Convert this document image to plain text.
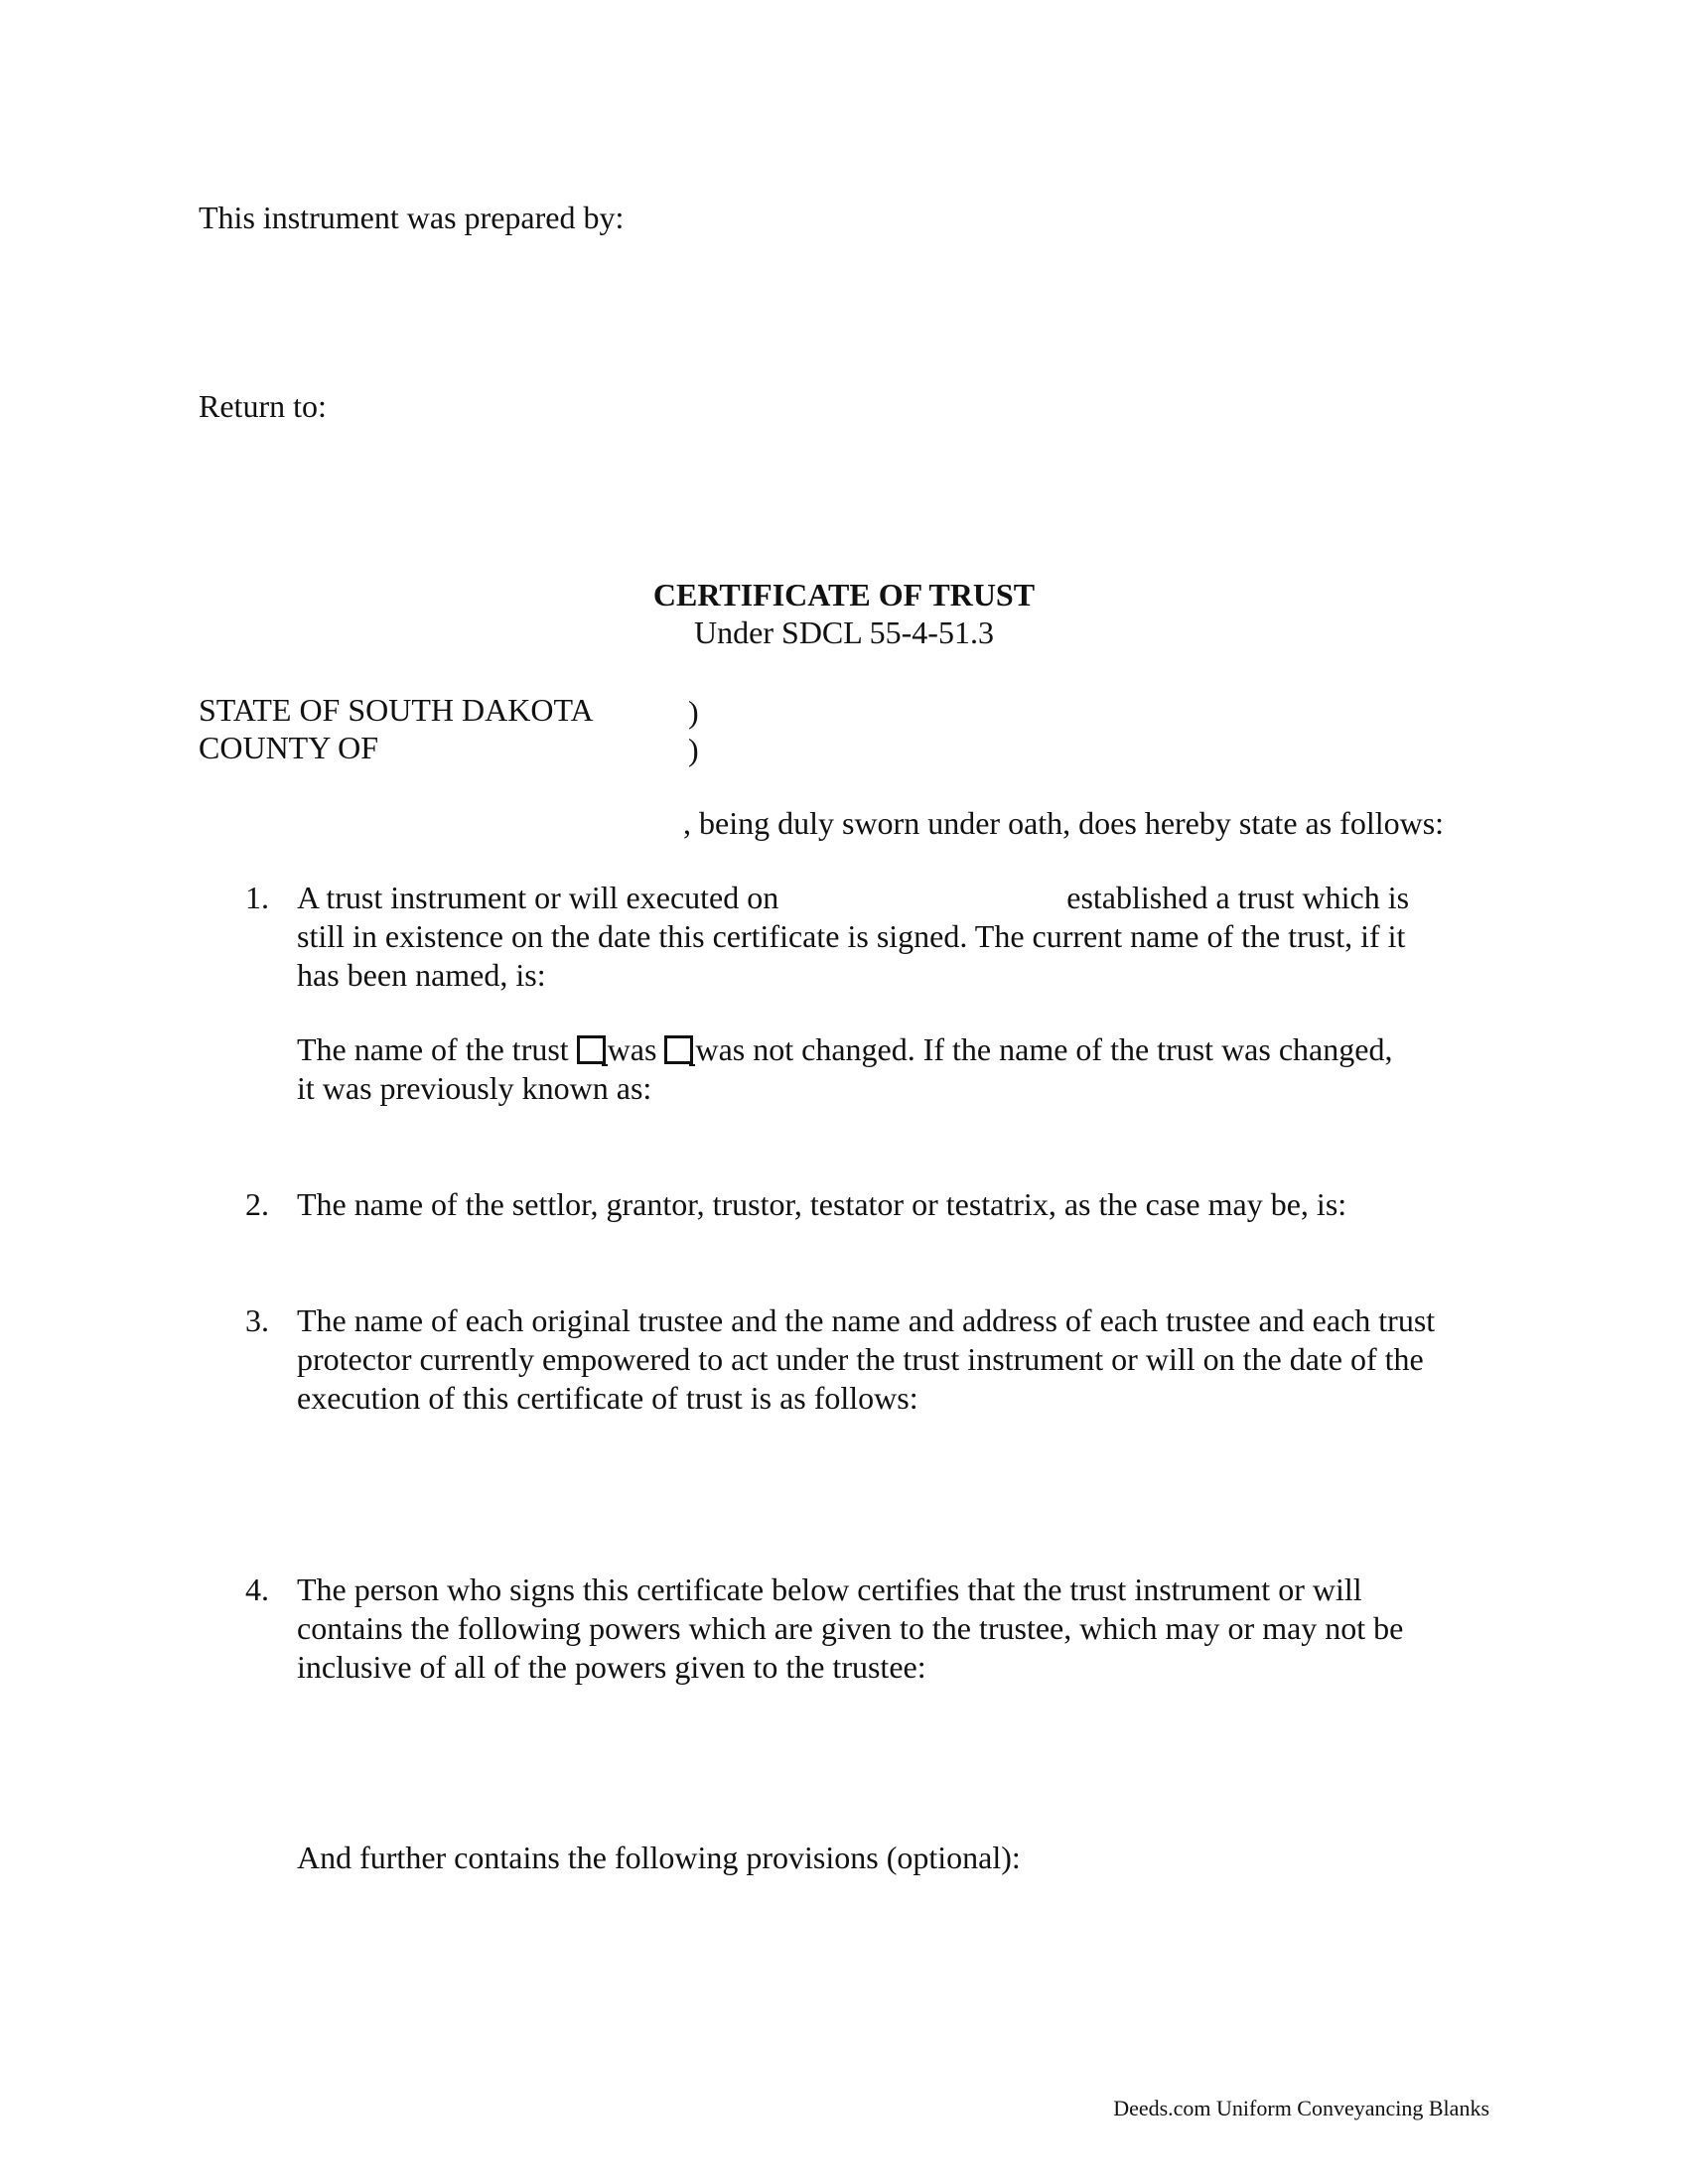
This instrument was prepared by:
Return to:
CERTIFICATE OF TRUST
Under SDCL 55-4-51.3
STATE OF SOUTH DAKOTA
COUNTY OF
)
)
, being duly sworn under oath, does hereby state as follows:
1. A trust instrument or will executed on	established a trust which is
still in existence on the date this certificate is signed. The current name of the trust, if it
has been named, is:
The name of the trust was was not changed. If the name of the trust was changed,
it was previously known as:
2. The name of the settlor, grantor, trustor, testator or testatrix, as the case may be, is:
3. The name of each original trustee and the name and address of each trustee and each trust
protector currently empowered to act under the trust instrument or will on the date of the
execution of this certificate of trust is as follows:
4. The person who signs this certificate below certifies that the trust instrument or will
contains the following powers which are given to the trustee, which may or may not be
inclusive of all of the powers given to the trustee:
And further contains the following provisions (optional):
Deeds.com Uniform Conveyancing Blanks
